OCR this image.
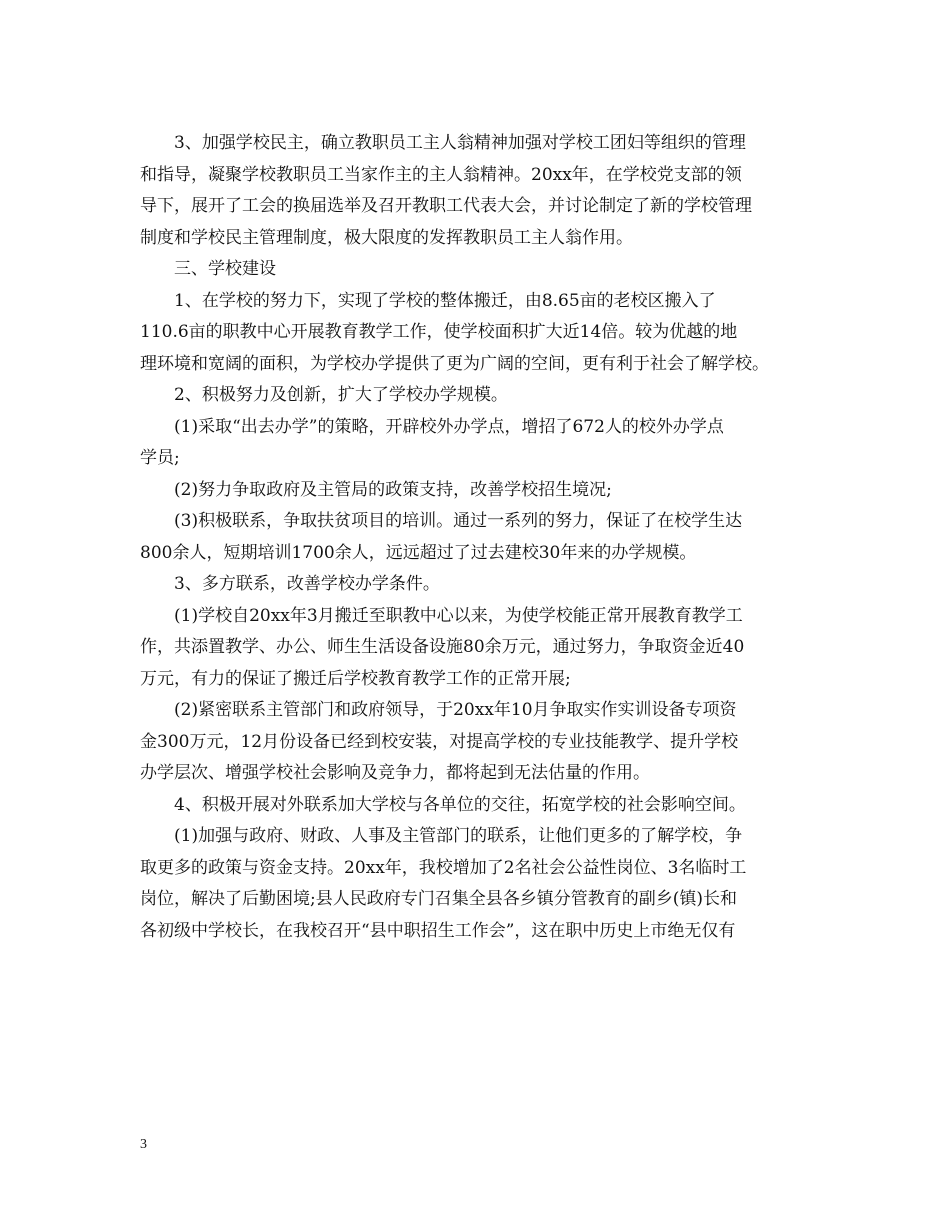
3、加强学校民主，确立教职员工主人翁精神加强对学校工团妇等组织的管理
和指导，凝聚学校教职员工当家作主的主人翁精神。20xx年，在学校党支部的领
导下，展开了工会的换届选举及召开教职工代表大会，并讨论制定了新的学校管理
制度和学校民主管理制度，极大限度的发挥教职员工主人翁作用。
三、学校建设
1、在学校的努力下，实现了学校的整体搬迁，由8.65亩的老校区搬入了
110.6亩的职教中心开展教育教学工作，使学校面积扩大近14倍。较为优越的地
理环境和宽阔的面积，为学校办学提供了更为广阔的空间，更有利于社会了解学校。
2、积极努力及创新，扩大了学校办学规模。
(1)采取“出去办学”的策略，开辟校外办学点，增招了672人的校外办学点
学员;
(2)努力争取政府及主管局的政策支持，改善学校招生境况;
(3)积极联系，争取扶贫项目的培训。通过一系列的努力，保证了在校学生达
800余人，短期培训1700余人，远远超过了过去建校30年来的办学规模。
3、多方联系，改善学校办学条件。
(1)学校自20xx年3月搬迁至职教中心以来，为使学校能正常开展教育教学工
作，共添置教学、办公、师生生活设备设施80余万元，通过努力，争取资金近40
万元，有力的保证了搬迁后学校教育教学工作的正常开展;
(2)紧密联系主管部门和政府领导，于20xx年10月争取实作实训设备专项资
金300万元，12月份设备已经到校安装，对提高学校的专业技能教学、提升学校
办学层次、增强学校社会影响及竞争力，都将起到无法估量的作用。
4、积极开展对外联系加大学校与各单位的交往，拓宽学校的社会影响空间。
(1)加强与政府、财政、人事及主管部门的联系，让他们更多的了解学校，争
取更多的政策与资金支持。20xx年，我校增加了2名社会公益性岗位、3名临时工
岗位，解决了后勤困境;县人民政府专门召集全县各乡镇分管教育的副乡(镇)长和
各初级中学校长，在我校召开“县中职招生工作会”，这在职中历史上市绝无仅有
3
